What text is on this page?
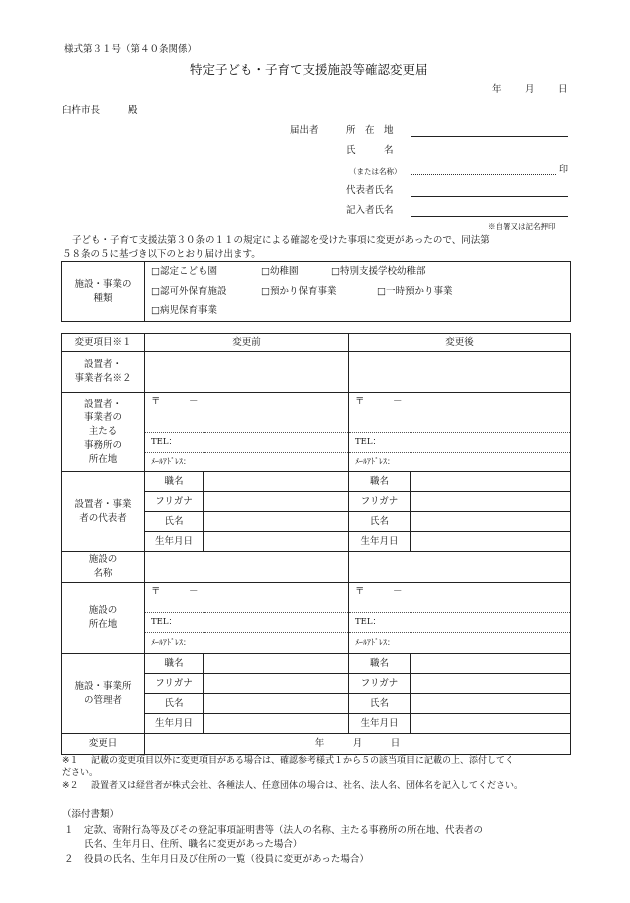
様式第３１号（第４０条関係）
特定子ども・子育て支援施設等確認変更届
年 月 日
臼杵市長	殿
届出者	所　在　地
氏　　　名
（または名称）	印
代表者氏名
記入者氏名
※自署又は記名押印
子ども・子育て支援法第３０条の１１の規定による確認を受けた事項に変更があったので、同法第
５８条の５に基づき以下のとおり届け出ます。
施設・事業の
種類

□認定こども園	□幼稚園	□特別支援学校幼稚部
□認可外保育施設	□預かり保育事業	□一時預かり事業
□病児保育事業
変更項目※１	変更前		変更後	

設置者・
事業者名※２				

設置者・
事業者の
主たる
事務所の
所在地	〒　　　－		〒　　　－	
	TEL：		TEL：	
	ﾒｰﾙｱﾄﾞﾚｽ：		ﾒｰﾙｱﾄﾞﾚｽ：	

設置者・事業
者の代表者	職名		職名	
	フリガナ		フリガナ	
	氏名		氏名	
	生年月日		生年月日	

施設の
名称				

施設の
所在地	〒　　　－		〒　　　－	
	TEL：		TEL：	
	ﾒｰﾙｱﾄﾞﾚｽ：		ﾒｰﾙｱﾄﾞﾚｽ：	

施設・事業所
の管理者	職名		職名	
	フリガナ		フリガナ	
	氏名		氏名	
	生年月日		生年月日	
変更日	年　　　月　　　日			
※１ 記載の変更項目以外に変更項目がある場合は、確認参考様式１から５の該当項目に記載の上、添付してく
ださい。
※２ 設置者又は経営者が株式会社、各種法人、任意団体の場合は、社名、法人名、団体名を記入してください。
（添付書類）
１ 定款、寄附行為等及びその登記事項証明書等（法人の名称、主たる事務所の所在地、代表者の
氏名、生年月日、住所、職名に変更があった場合）
２ 役員の氏名、生年月日及び住所の一覧（役員に変更があった場合）
